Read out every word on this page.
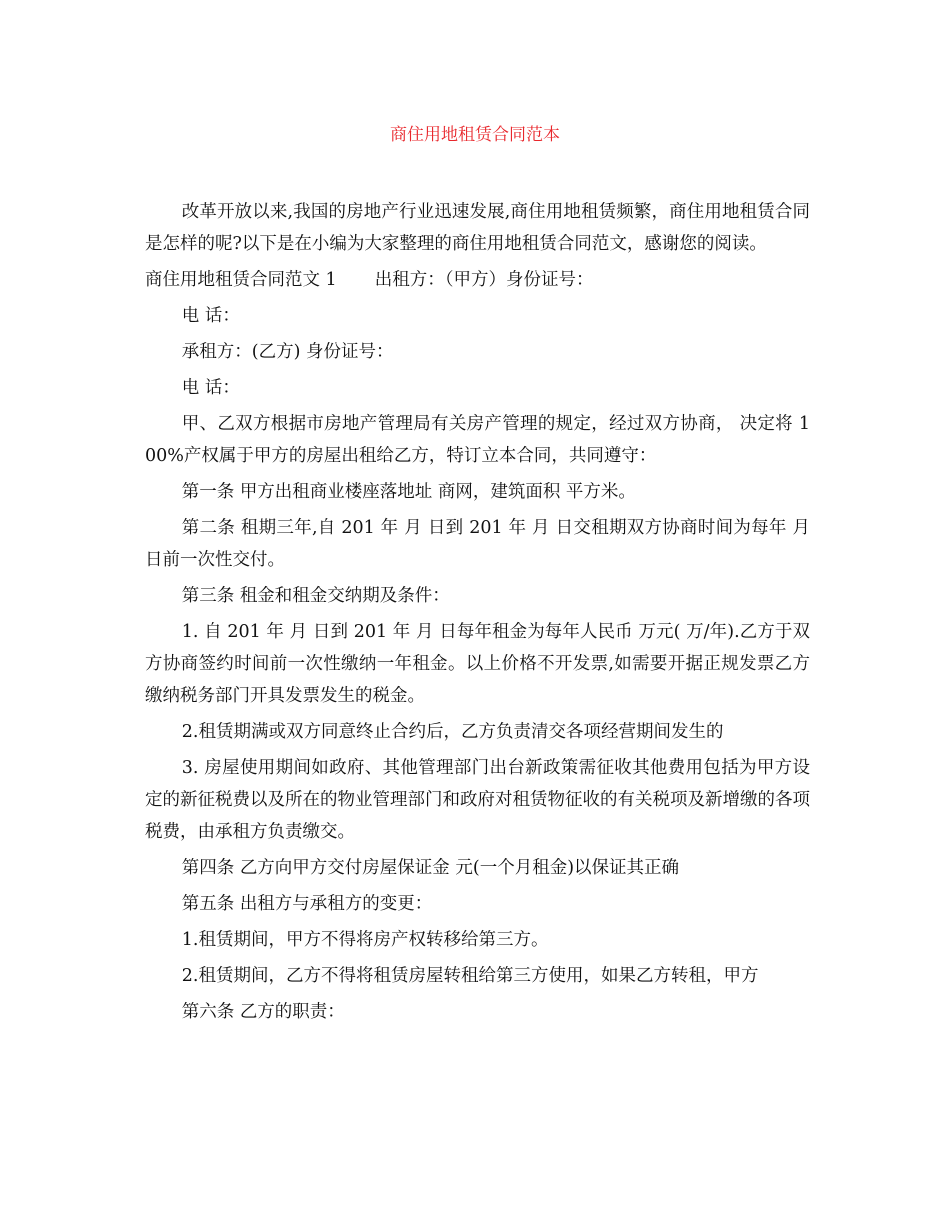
商住用地租赁合同范本

改革开放以来,我国的房地产行业迅速发展,商住用地租赁频繁，商住用地租赁合同是怎样的呢?以下是在小编为大家整理的商住用地租赁合同范文，感谢您的阅读。

商住用地租赁合同范文 1 出租方：（甲方）身份证号：

电 话：

承租方：(乙方) 身份证号：

电 话：

甲、乙双方根据市房地产管理局有关房产管理的规定，经过双方协商， 决定将 100%产权属于甲方的房屋出租给乙方，特订立本合同，共同遵守：

第一条 甲方出租商业楼座落地址 商网，建筑面积 平方米。

第二条 租期三年,自 201 年 月 日到 201 年 月 日交租期双方协商时间为每年 月 日前一次性交付。

第三条 租金和租金交纳期及条件：

1. 自 201 年 月 日到 201 年 月 日每年租金为每年人民币 万元( 万/年).乙方于双方协商签约时间前一次性缴纳一年租金。以上价格不开发票,如需要开据正规发票乙方缴纳税务部门开具发票发生的税金。

2.租赁期满或双方同意终止合约后，乙方负责清交各项经营期间发生的

3. 房屋使用期间如政府、其他管理部门出台新政策需征收其他费用包括为甲方设定的新征税费以及所在的物业管理部门和政府对租赁物征收的有关税项及新增缴的各项税费，由承租方负责缴交。

第四条 乙方向甲方交付房屋保证金 元(一个月租金)以保证其正确

第五条 出租方与承租方的变更：

1.租赁期间，甲方不得将房产权转移给第三方。

2.租赁期间，乙方不得将租赁房屋转租给第三方使用，如果乙方转租，甲方

第六条 乙方的职责：
